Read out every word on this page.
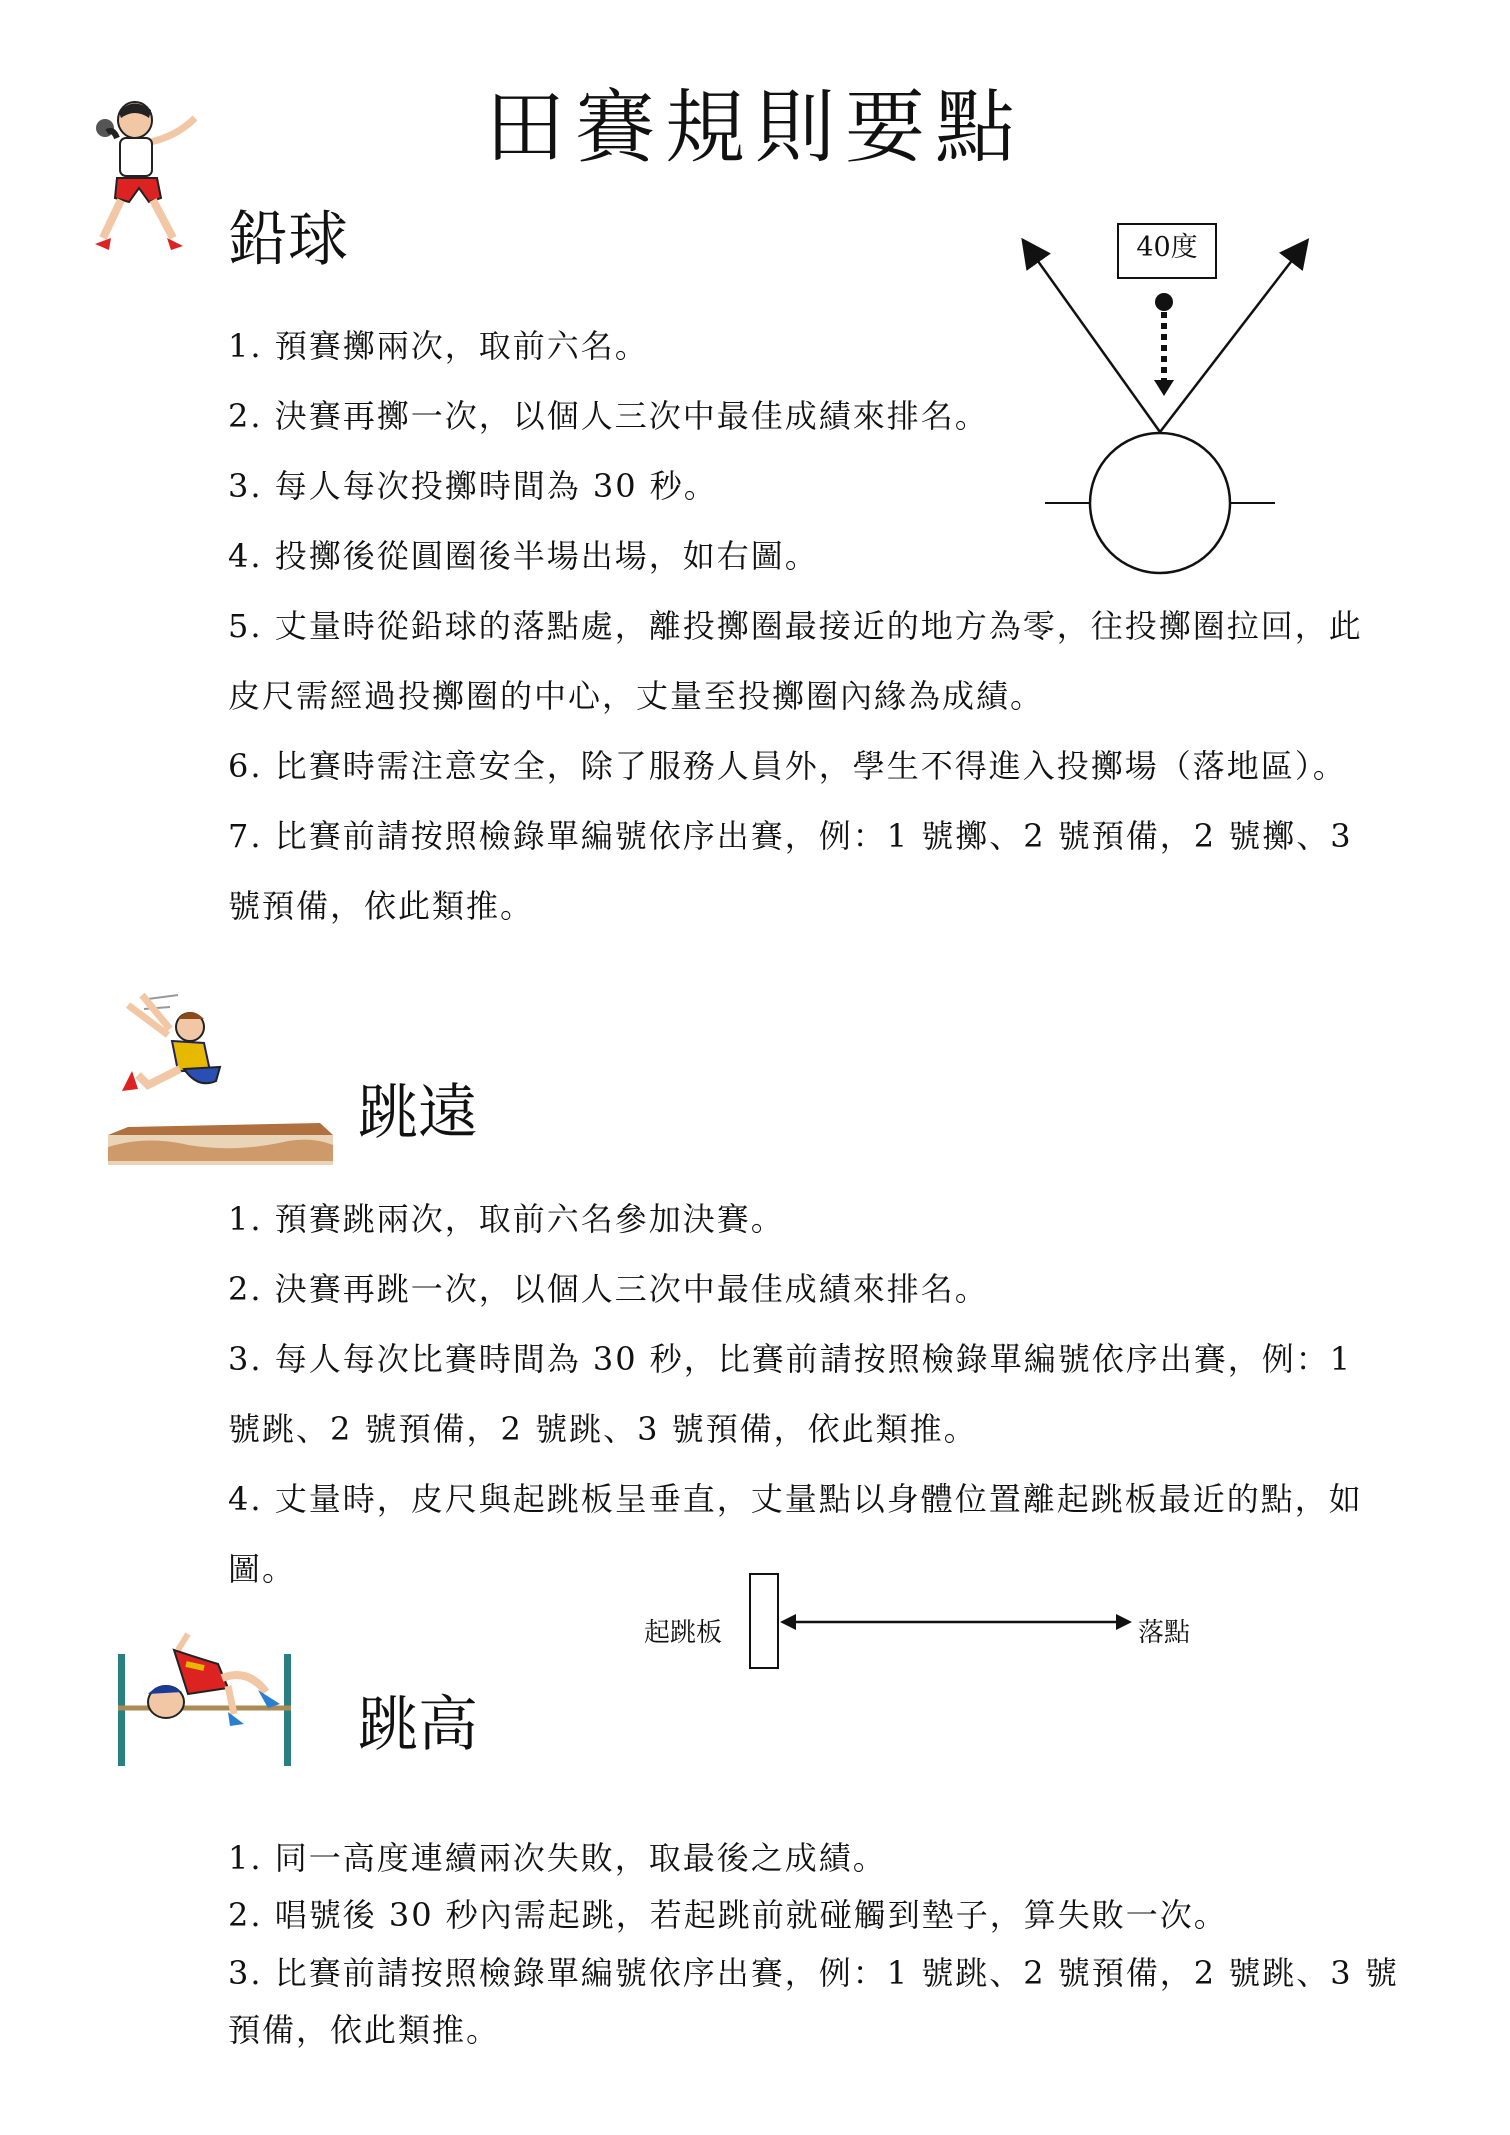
田賽規則要點
鉛球	40度
1. 預賽擲兩次，取前六名。
2. 決賽再擲一次，以個人三次中最佳成績來排名。
3. 每人每次投擲時間為 30 秒。
4. 投擲後從圓圈後半場出場，如右圖。
5. 丈量時從鉛球的落點處，離投擲圈最接近的地方為零，往投擲圈拉回，此
皮尺需經過投擲圈的中心，丈量至投擲圈內緣為成績。
6. 比賽時需注意安全，除了服務人員外，學生不得進入投擲場（落地區）。
7. 比賽前請按照檢錄單編號依序出賽，例：1 號擲、2 號預備，2 號擲、3
號預備，依此類推。
跳遠
1. 預賽跳兩次，取前六名參加決賽。
2. 決賽再跳一次，以個人三次中最佳成績來排名。
3. 每人每次比賽時間為 30 秒，比賽前請按照檢錄單編號依序出賽，例：1
號跳、2 號預備，2 號跳、3 號預備，依此類推。
4. 丈量時，皮尺與起跳板呈垂直，丈量點以身體位置離起跳板最近的點，如
圖。
起跳板	落點
跳高
1. 同一高度連續兩次失敗，取最後之成績。
2. 唱號後 30 秒內需起跳，若起跳前就碰觸到墊子，算失敗一次。
3. 比賽前請按照檢錄單編號依序出賽，例：1 號跳、2 號預備，2 號跳、3 號
預備，依此類推。
